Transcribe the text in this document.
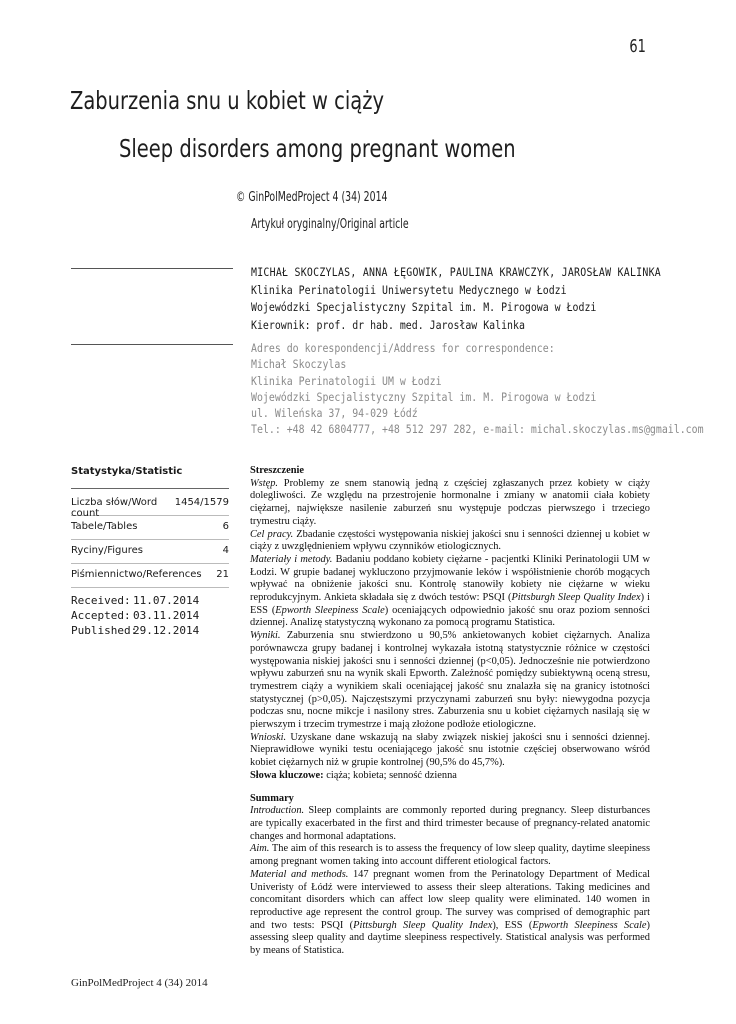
61
Zaburzenia snu u kobiet w ciąży
Sleep disorders among pregnant women
© GinPolMedProject 4 (34) 2014
Artykuł oryginalny/Original article
MICHAŁ SKOCZYLAS, ANNA ŁĘGOWIK, PAULINA KRAWCZYK, JAROSŁAW KALINKA
Klinika Perinatologii Uniwersytetu Medycznego w Łodzi
Wojewódzki Specjalistyczny Szpital im. M. Pirogowa w Łodzi
Kierownik: prof. dr hab. med. Jarosław Kalinka
Adres do korespondencji/Address for correspondence:
Michał Skoczylas
Klinika Perinatologii UM w Łodzi
Wojewódzki Specjalistyczny Szpital im. M. Pirogowa w Łodzi
ul. Wileńska 37, 94-029 Łódź
Tel.: +48 42 6804777, +48 512 297 282, e-mail: michal.skoczylas.ms@gmail.com
Statystyka/Statistic
Liczba słów/Word count
1454/1579
Tabele/Tables	6
Ryciny/Figures	4
Piśmiennictwo/References 21
Received: 11.07.2014
Accepted: 03.11.2014
Published:
29.12.2014

Streszczenie

Wstęp. Problemy ze snem stanowią jedną z częściej zgłaszanych przez kobiety w ciąży dolegliwości. Ze względu na przestrojenie hormonalne i zmiany w anatomii ciała kobiety ciężarnej, największe nasilenie zaburzeń snu występuje podczas pierwszego i trzeciego trymestru ciąży.

Cel pracy. Zbadanie częstości występowania niskiej jakości snu i senności dziennej u kobiet w ciąży z uwzględnieniem wpływu czynników etiologicznych.

Materiały i metody. Badaniu poddano kobiety ciężarne - pacjentki Kliniki Perinatologii UM w Łodzi. W grupie badanej wykluczono przyjmowanie leków i współistnienie chorób mogących wpływać na obniżenie jakości snu. Kontrolę stanowiły kobiety nie ciężarne w wieku reprodukcyjnym. Ankieta składała się z dwóch testów: PSQI (Pittsburgh Sleep Quality Index) i ESS (Epworth Sleepiness Scale) oceniających odpowiednio jakość snu oraz poziom senności dziennej. Analizę statystyczną wykonano za pomocą programu Statistica.

Wyniki. Zaburzenia snu stwierdzono u 90,5% ankietowanych kobiet ciężarnych. Analiza porównawcza grupy badanej i kontrolnej wykazała istotną statystycznie różnice w częstości występowania niskiej jakości snu i senności dziennej (p<0,05). Jednocześnie nie potwierdzono wpływu zaburzeń snu na wynik skali Epworth. Zależność pomiędzy subiektywną oceną stresu, trymestrem ciąży a wynikiem skali oceniającej jakość snu znalazła się na granicy istotności statystycznej (p>0,05). Najczęstszymi przyczynami zaburzeń snu były: niewygodna pozycja podczas snu, nocne mikcje i nasilony stres. Zaburzenia snu u kobiet ciężarnych nasilają się w pierwszym i trzecim trymestrze i mają złożone podłoże etiologiczne.

Wnioski. Uzyskane dane wskazują na słaby związek niskiej jakości snu i senności dziennej. Nieprawidłowe wyniki testu oceniającego jakość snu istotnie częściej obserwowano wśród kobiet ciężarnych niż w grupie kontrolnej (90,5% do 45,7%).

Słowa kluczowe: ciąża; kobieta; senność dzienna

Summary

Introduction. Sleep complaints are commonly reported during pregnancy. Sleep disturbances are typically exacerbated in the first and third trimester because of pregnancy-related anatomic changes and hormonal adaptations.

Aim. The aim of this research is to assess the frequency of low sleep quality, daytime sleepiness among pregnant women taking into account different etiological factors.

Material and methods. 147 pregnant women from the Perinatology Department of Medical Univeristy of Łódź were interviewed to assess their sleep alterations. Taking medicines and concomitant disorders which can affect low sleep quality were eliminated. 140 women in reproductive age represent the control group. The survey was comprised of demographic part and two tests: PSQI (Pittsburgh Sleep Quality Index), ESS (Epworth Sleepiness Scale) assessing sleep quality and daytime sleepiness respectively. Statistical analysis was performed by means of Statistica.

GinPolMedProject 4 (34) 2014
